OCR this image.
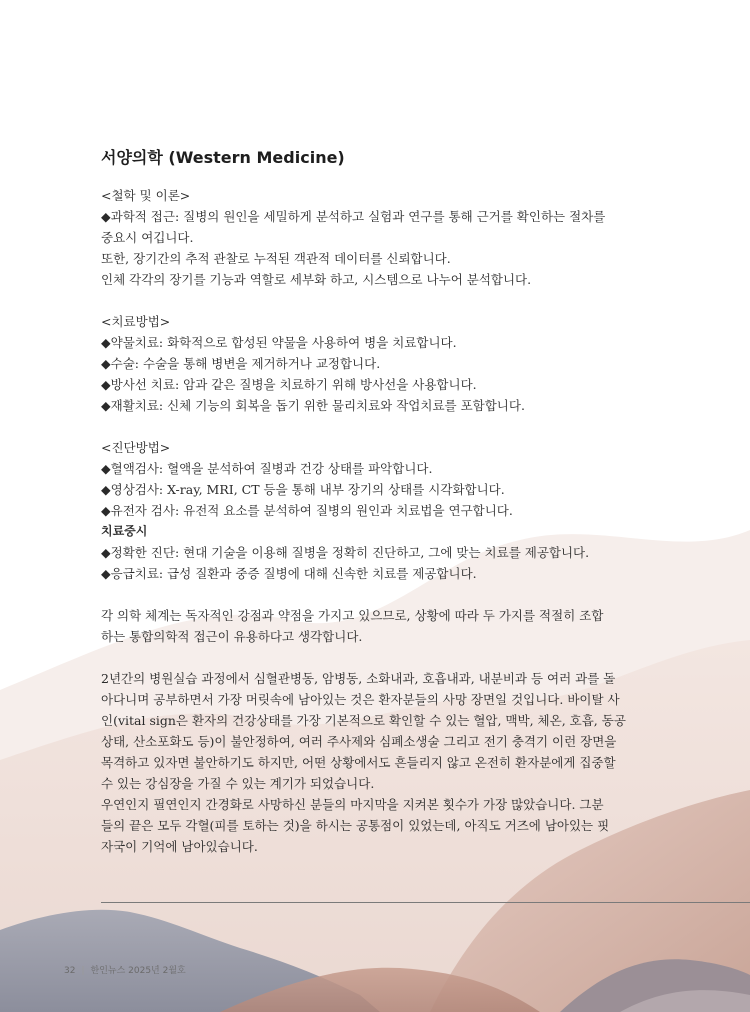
서양의학 (Western Medicine)
<철학 및 이론>
◆과학적 접근: 질병의 원인을 세밀하게 분석하고 실험과 연구를 통해 근거를 확인하는 절차를
중요시 여깁니다.
또한, 장기간의 추적 관찰로 누적된 객관적 데이터를 신뢰합니다.
인체 각각의 장기를 기능과 역할로 세부화 하고, 시스템으로 나누어 분석합니다.
<치료방법>
◆약물치료: 화학적으로 합성된 약물을 사용하여 병을 치료합니다.
◆수술: 수술을 통해 병변을 제거하거나 교정합니다.
◆방사선 치료: 암과 같은 질병을 치료하기 위해 방사선을 사용합니다.
◆재활치료: 신체 기능의 회복을 돕기 위한 물리치료와 작업치료를 포함합니다.
<진단방법>
◆혈액검사: 혈액을 분석하여 질병과 건강 상태를 파악합니다.
◆영상검사: X-ray, MRI, CT 등을 통해 내부 장기의 상태를 시각화합니다.
◆유전자 검사: 유전적 요소를 분석하여 질병의 원인과 치료법을 연구합니다.
치료중시
◆정확한 진단: 현대 기술을 이용해 질병을 정확히 진단하고, 그에 맞는 치료를 제공합니다.
◆응급치료: 급성 질환과 중증 질병에 대해 신속한 치료를 제공합니다.

각 의학 체계는 독자적인 강점과 약점을 가지고 있으므로, 상황에 따라 두 가지를 적절히 조합
하는 통합의학적 접근이 유용하다고 생각합니다.

2년간의 병원실습 과정에서 심혈관병동, 암병동, 소화내과, 호흡내과, 내분비과 등 여러 과를 돌
아다니며 공부하면서 가장 머릿속에 남아있는 것은 환자분들의 사망 장면일 것입니다. 바이탈 사
인(vital sign은 환자의 건강상태를 가장 기본적으로 확인할 수 있는 혈압, 맥박, 체온, 호흡, 동공
상태, 산소포화도 등)이 불안정하여, 여러 주사제와 심폐소생술 그리고 전기 충격기 이런 장면을
목격하고 있자면 불안하기도 하지만, 어떤 상황에서도 흔들리지 않고 온전히 환자분에게 집중할
수 있는 강심장을 가질 수 있는 계기가 되었습니다.

우연인지 필연인지 간경화로 사망하신 분들의 마지막을 지켜본 횟수가 가장 많았습니다. 그분
들의 끝은 모두 각혈(피를 토하는 것)을 하시는 공통점이 있었는데, 아직도 거즈에 남아있는 핏
자국이 기억에 남아있습니다.

32 | 한인뉴스 2025년 2월호
